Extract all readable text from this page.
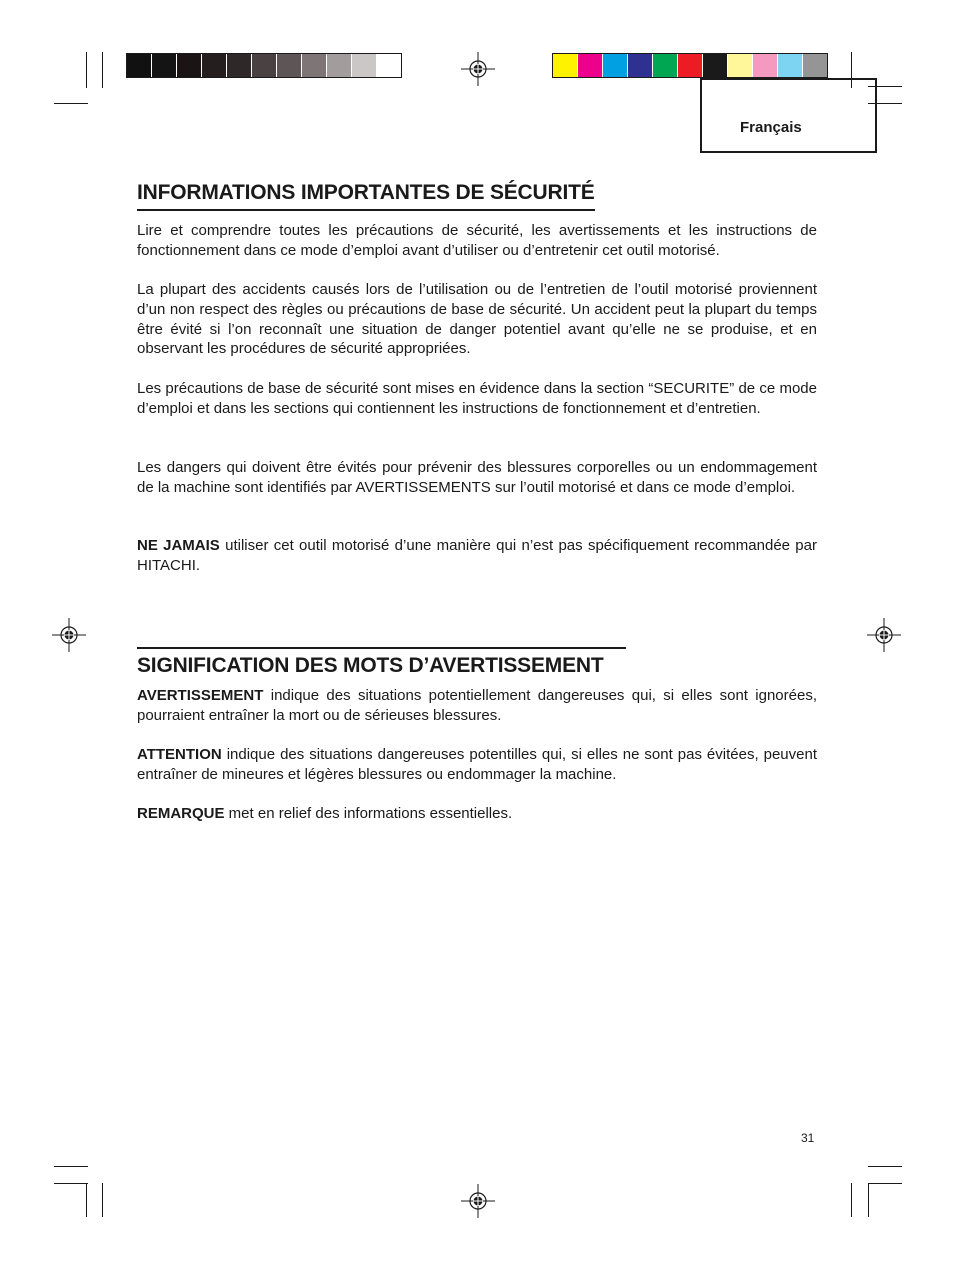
Français
INFORMATIONS IMPORTANTES DE SÉCURITÉ

Lire et comprendre toutes les précautions de sécurité, les avertissements et les instructions de fonctionnement dans ce mode d’emploi avant d’utiliser ou d’entretenir cet outil motorisé.

La plupart des accidents causés lors de l’utilisation ou de l’entretien de l’outil motorisé proviennent d’un non respect des règles ou précautions de base de sécurité. Un accident peut la plupart du temps être évité si l’on reconnaît une situation de danger potentiel avant qu’elle ne se produise, et en observant les procédures de sécurité appropriées.

Les précautions de base de sécurité sont mises en évidence dans la section “SECURITE” de ce mode d’emploi et dans les sections qui contiennent les instructions de fonctionnement et d’entretien.

Les dangers qui doivent être évités pour prévenir des blessures corporelles ou un endommagement de la machine sont identifiés par AVERTISSEMENTS sur l’outil motorisé et dans ce mode d’emploi.

NE JAMAIS utiliser cet outil motorisé d’une manière qui n’est pas spécifiquement recommandée par HITACHI.

SIGNIFICATION DES MOTS D’AVERTISSEMENT

AVERTISSEMENT indique des situations potentiellement dangereuses qui, si elles sont ignorées, pourraient entraîner la mort ou de sérieuses blessures.

ATTENTION indique des situations dangereuses potentilles qui, si elles ne sont pas évitées, peuvent entraîner de mineures et légères blessures ou endommager la machine.

REMARQUE met en relief des informations essentielles.

31
